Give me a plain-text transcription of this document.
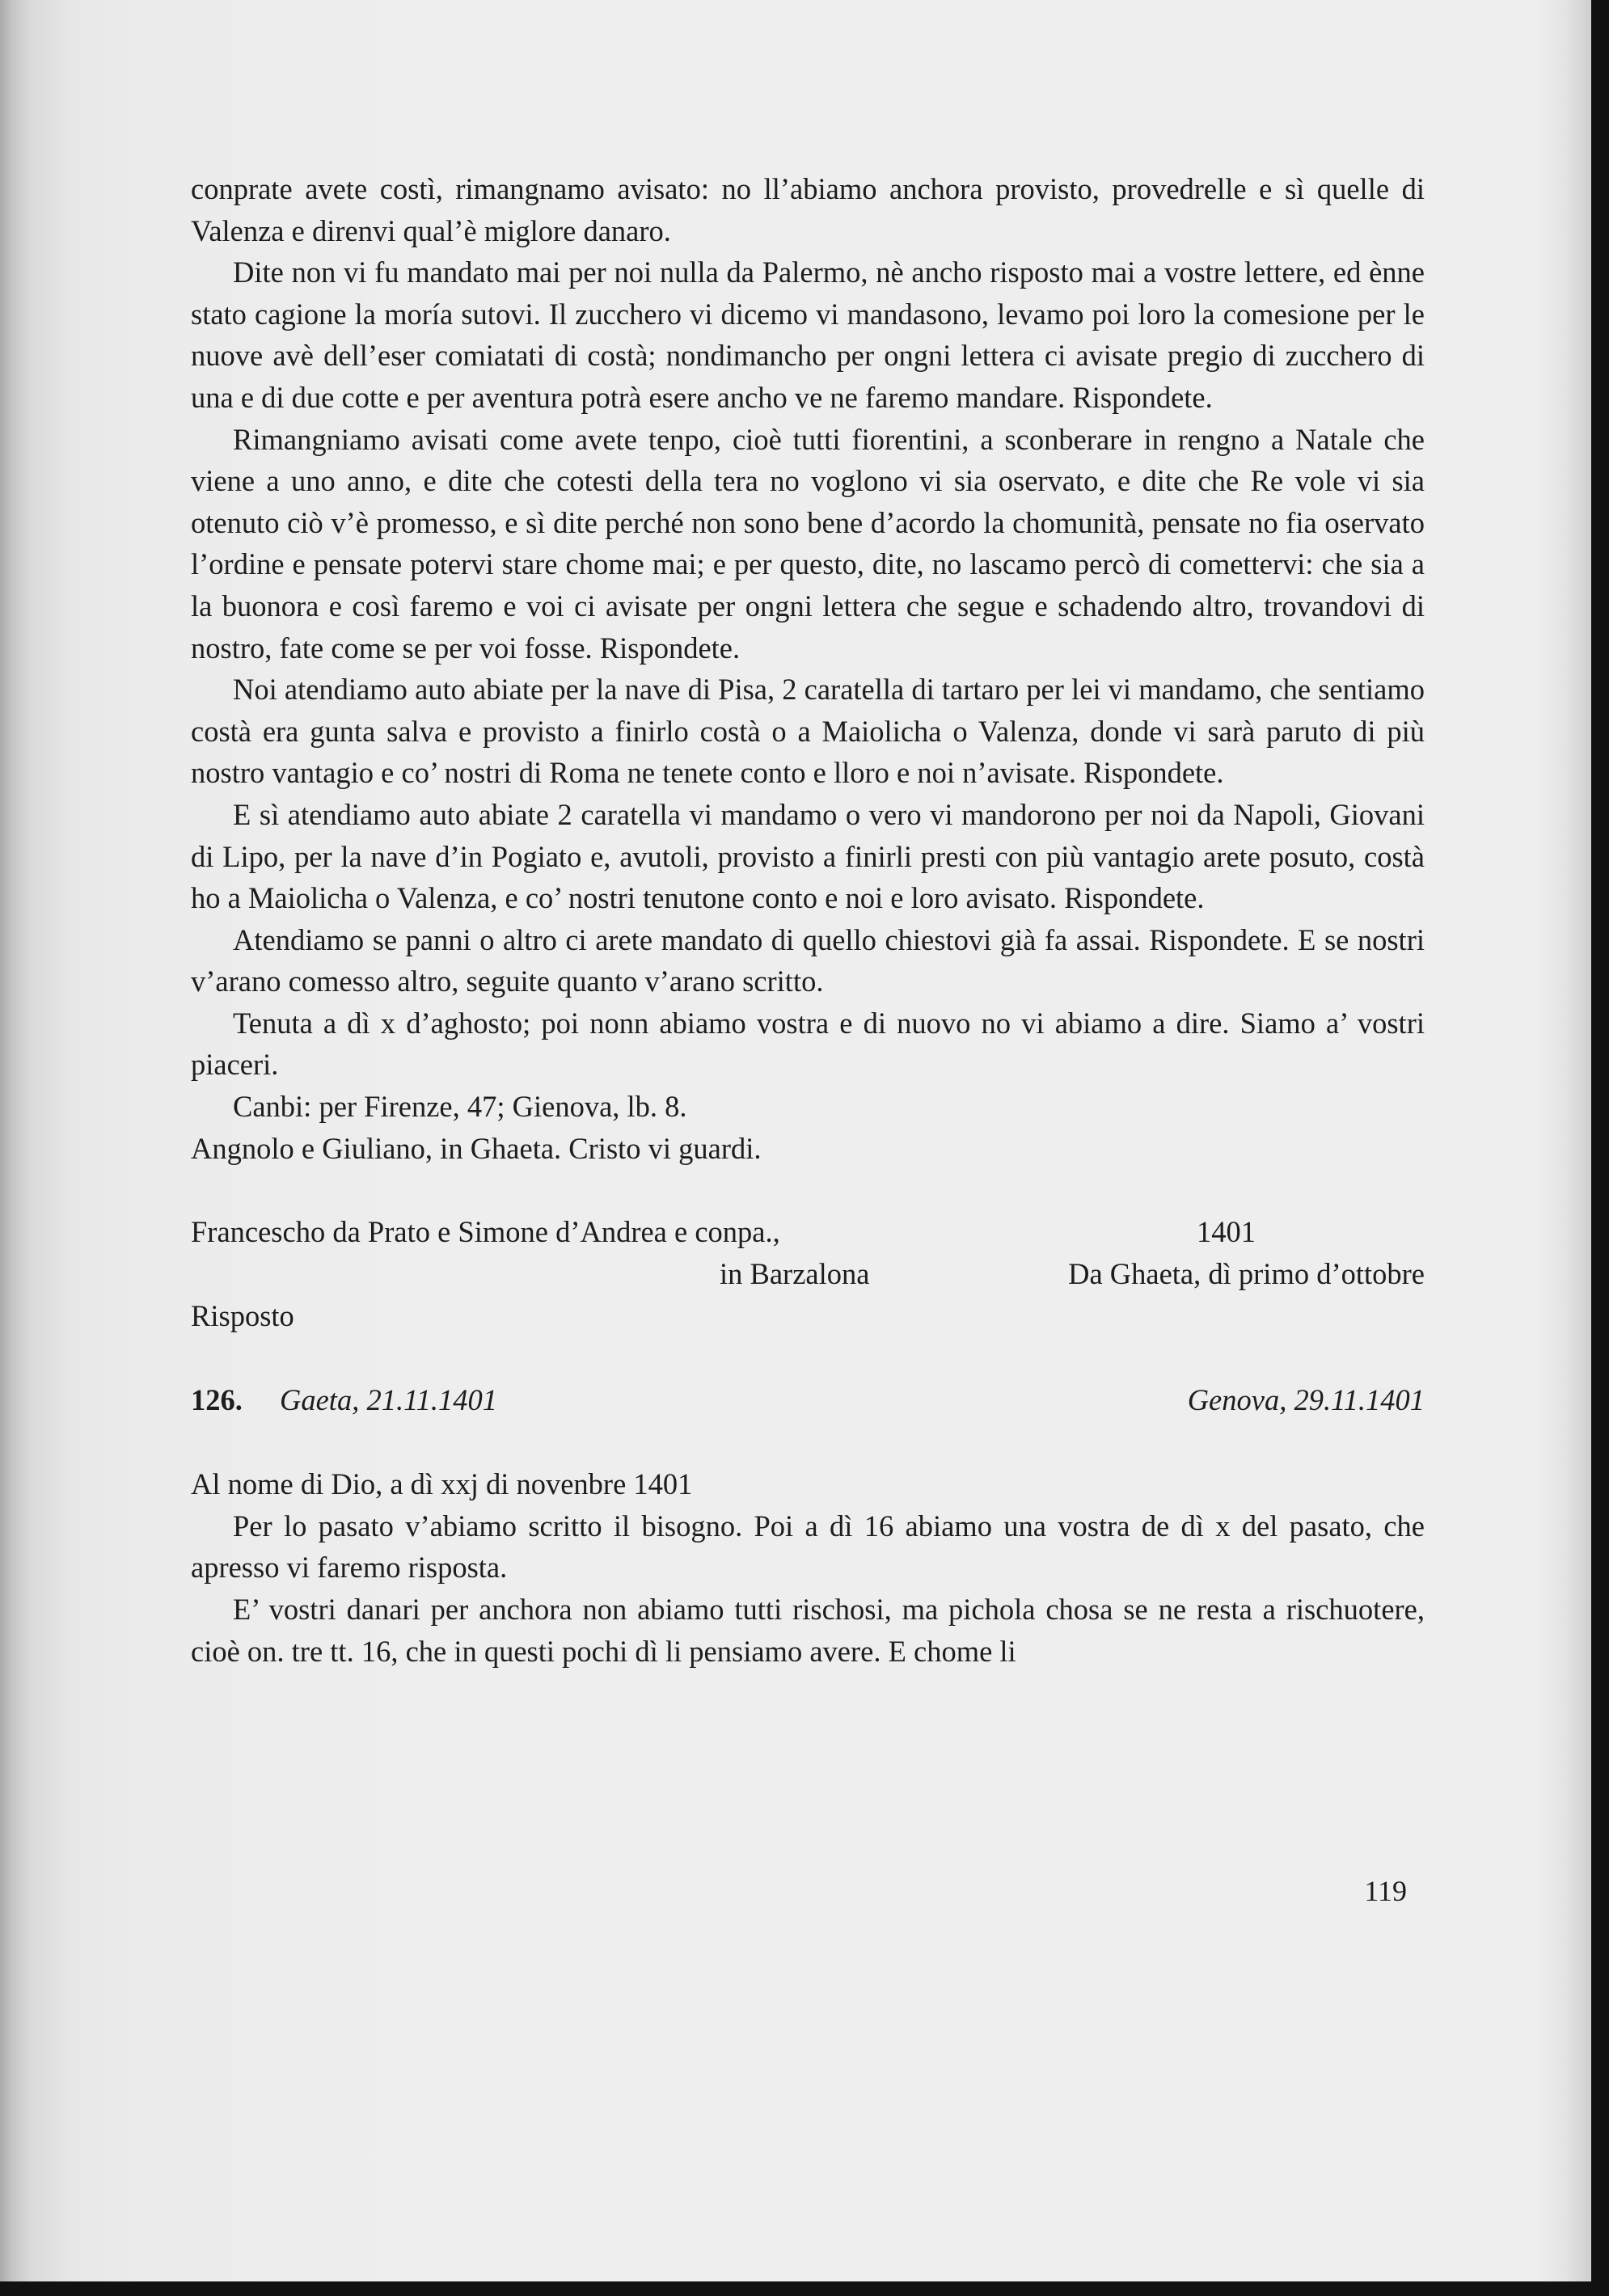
conprate avete costì, rimangnamo avisato: no ll’abiamo anchora provisto, provedrelle e sì quelle di Valenza e direnvi qual’è miglore danaro.

Dite non vi fu mandato mai per noi nulla da Palermo, nè ancho risposto mai a vostre lettere, ed ènne stato cagione la moría sutovi. Il zucchero vi dicemo vi mandasono, levamo poi loro la comesione per le nuove avè dell’eser comiatati di costà; nondimancho per ongni lettera ci avisate pregio di zucchero di una e di due cotte e per aventura potrà esere ancho ve ne faremo mandare. Rispondete.

Rimangniamo avisati come avete tenpo, cioè tutti fiorentini, a sconberare in rengno a Natale che viene a uno anno, e dite che cotesti della tera no voglono vi sia oservato, e dite che Re vole vi sia otenuto ciò v’è promesso, e sì dite perché non sono bene d’acordo la chomunità, pensate no fia oservato l’ordine e pensate potervi stare chome mai; e per questo, dite, no lascamo percò di comettervi: che sia a la buonora e così faremo e voi ci avisate per ongni lettera che segue e schadendo altro, trovandovi di nostro, fate come se per voi fosse. Rispondete.

Noi atendiamo auto abiate per la nave di Pisa, 2 caratella di tartaro per lei vi mandamo, che sentiamo costà era gunta salva e provisto a finirlo costà o a Maiolicha o Valenza, donde vi sarà paruto di più nostro vantagio e co’ nostri di Roma ne tenete conto e lloro e noi n’avisate. Rispondete.

E sì atendiamo auto abiate 2 caratella vi mandamo o vero vi mandorono per noi da Napoli, Giovani di Lipo, per la nave d’in Pogiato e, avutoli, provisto a finirli presti con più vantagio arete posuto, costà ho a Maiolicha o Valenza, e co’ nostri tenutone conto e noi e loro avisato. Rispondete.

Atendiamo se panni o altro ci arete mandato di quello chiestovi già fa assai. Rispondete. E se nostri v’arano comesso altro, seguite quanto v’arano scritto.

Tenuta a dì x d’aghosto; poi nonn abiamo vostra e di nuovo no vi abiamo a dire. Siamo a’ vostri piaceri.

Canbi: per Firenze, 47; Gienova, lb. 8.

Angnolo e Giuliano, in Ghaeta. Cristo vi guardi.

Francescho da Prato e Simone d’Andrea e conpa.,	1401
in Barzalona	Da Ghaeta, dì primo d’ottobre
Risposto
126. Gaeta, 21.11.1401	Genova, 29.11.1401

Al nome di Dio, a dì xxj di novenbre 1401

Per lo pasato v’abiamo scritto il bisogno. Poi a dì 16 abiamo una vostra de dì x del pasato, che apresso vi faremo risposta.

E’ vostri danari per anchora non abiamo tutti rischosi, ma pichola chosa se ne resta a rischuotere, cioè on. tre tt. 16, che in questi pochi dì li pensiamo avere. E chome li

119
